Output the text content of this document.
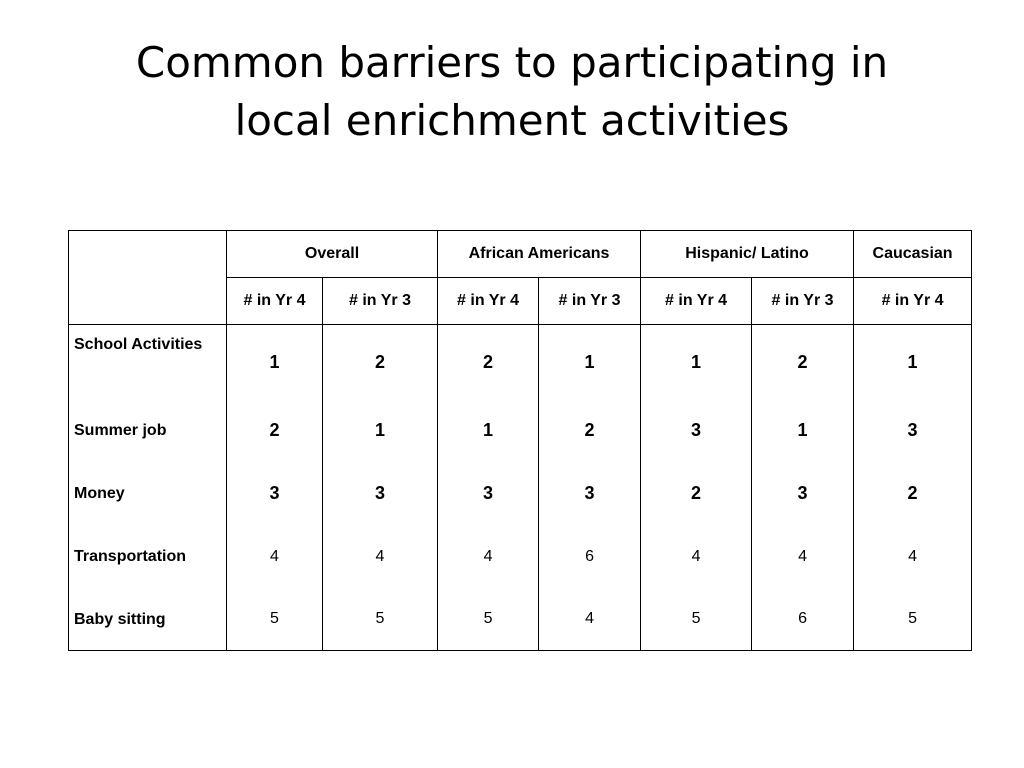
Common barriers to participating in
local enrichment activities
	Overall		African Americans		Hispanic/ Latino		Caucasian
	# in Yr 4	# in Yr 3	# in Yr 4	# in Yr 3	# in Yr 4	# in Yr 3	# in Yr 4
School Activities	1	2	2	1	1	2	1
Summer job	2	1	1	2	3	1	3
Money	3	3	3	3	2	3	2
Transportation	4	4	4	6	4	4	4
Baby sitting	5	5	5	4	5	6	5
